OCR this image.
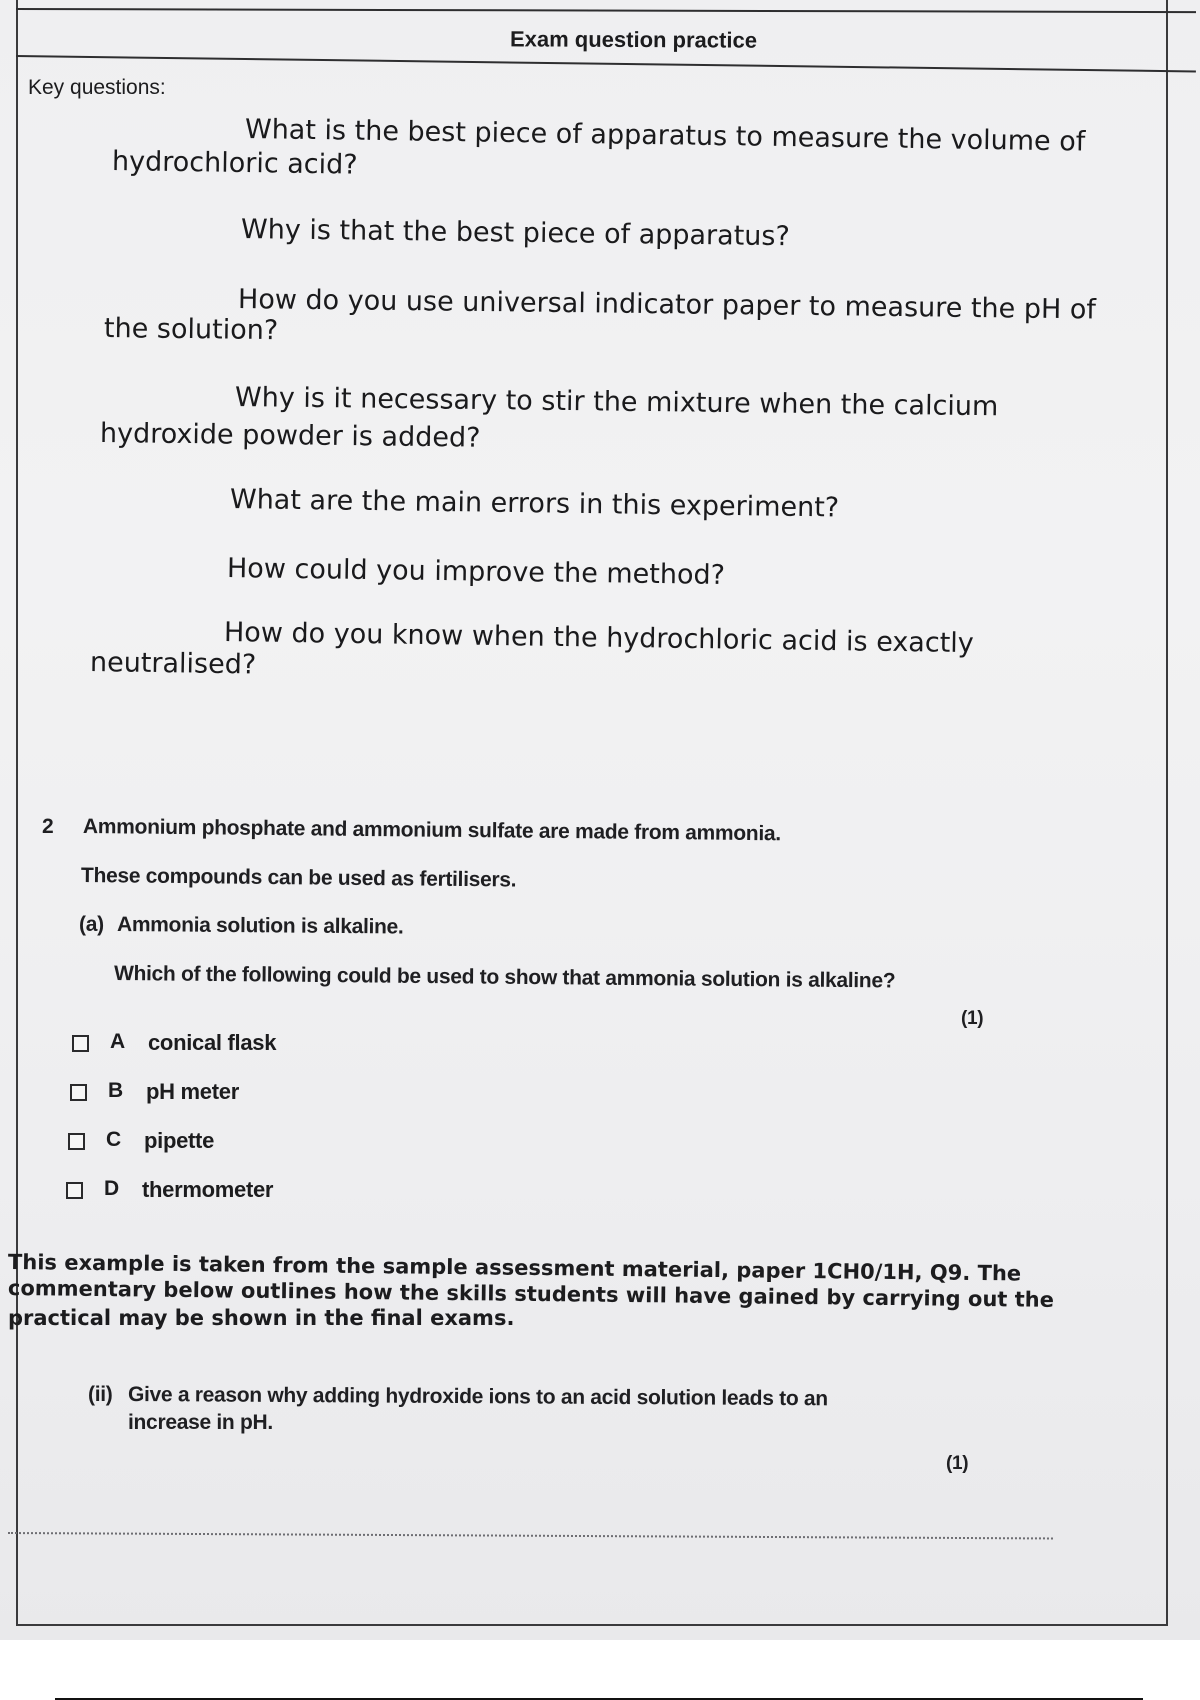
Exam question practice
Key questions:
What is the best piece of apparatus to measure the volume of
hydrochloric acid?
Why is that the best piece of apparatus?
How do you use universal indicator paper to measure the pH of
the solution?
Why is it necessary to stir the mixture when the calcium
hydroxide powder is added?
What are the main errors in this experiment?
How could you improve the method?
How do you know when the hydrochloric acid is exactly
neutralised?
2 Ammonium phosphate and ammonium sulfate are made from ammonia.
These compounds can be used as fertilisers.
(a) Ammonia solution is alkaline.
Which of the following could be used to show that ammonia solution is alkaline?
(1)
A conical flask
B pH meter
C pipette
D thermometer
This example is taken from the sample assessment material, paper 1CH0/1H, Q9. The
commentary below outlines how the skills students will have gained by carrying out the
practical may be shown in the final exams.
(ii) Give a reason why adding hydroxide ions to an acid solution leads to an
increase in pH.
(1)
